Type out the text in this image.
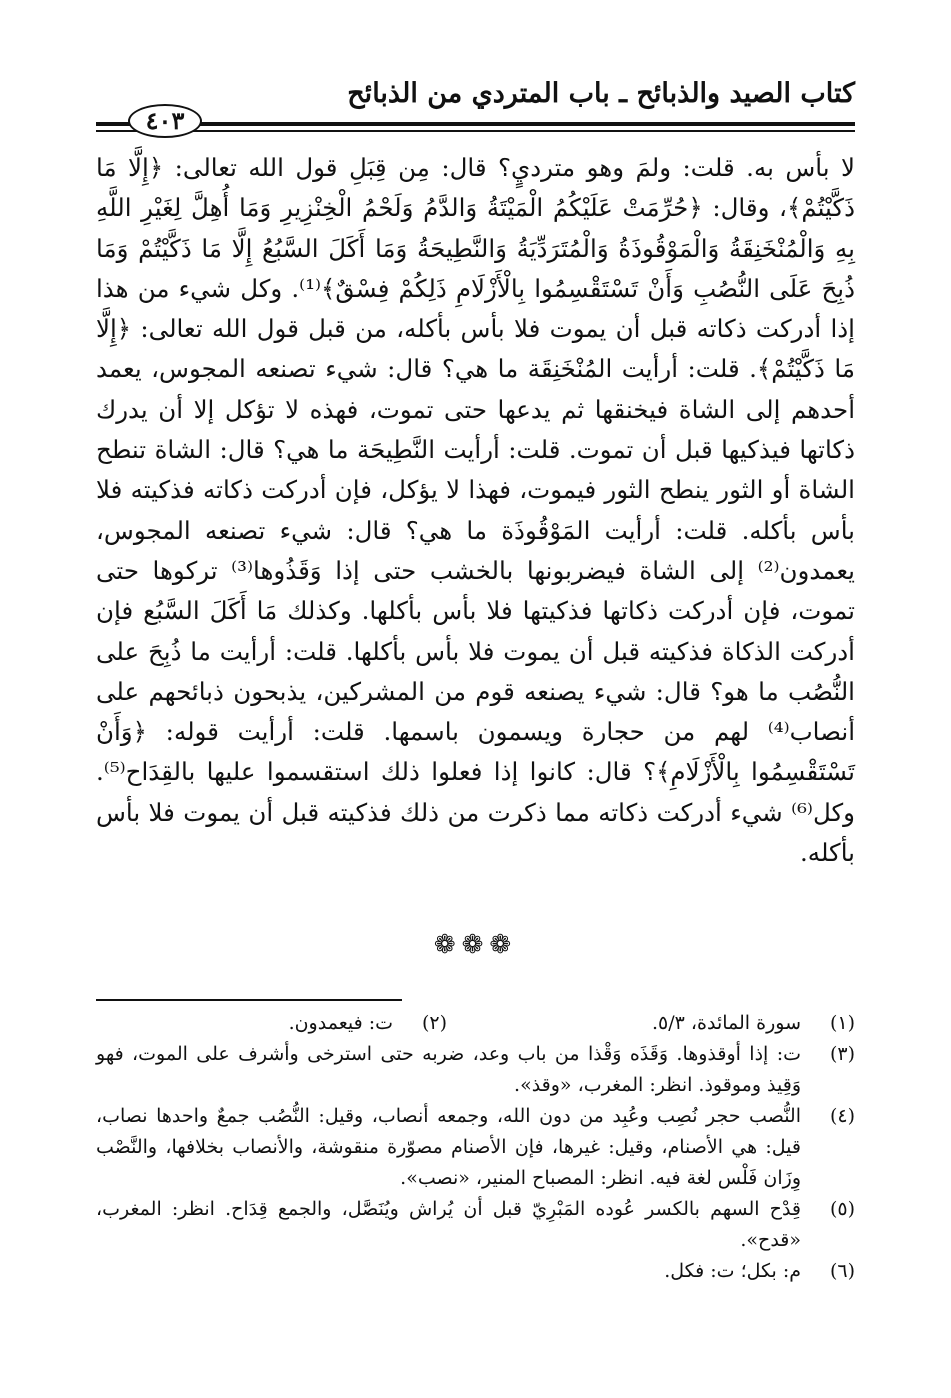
كتاب الصيد والذبائح ـ باب المتردي من الذبائح
٤٠٣

لا بأس به. قلت: ولمَ وهو مترديٍ؟ قال: مِن قِبَلِ قول الله تعالى: ﴿إِلَّا مَا ذَكَّيْتُمْ﴾، وقال: ﴿حُرِّمَتْ عَلَيْكُمُ الْمَيْتَةُ وَالدَّمُ وَلَحْمُ الْخِنْزِيرِ وَمَا أُهِلَّ لِغَيْرِ اللَّهِ بِهِ وَالْمُنْخَنِقَةُ وَالْمَوْقُوذَةُ وَالْمُتَرَدِّيَةُ وَالنَّطِيحَةُ وَمَا أَكَلَ السَّبُعُ إِلَّا مَا ذَكَّيْتُمْ وَمَا ذُبِحَ عَلَى النُّصُبِ وَأَنْ تَسْتَقْسِمُوا بِالْأَزْلَامِ ذَلِكُمْ فِسْقٌ﴾⁽¹⁾. وكل شيء من هذا إذا أدركت ذكاته قبل أن يموت فلا بأس بأكله، من قبل قول الله تعالى: ﴿إِلَّا مَا ذَكَّيْتُمْ﴾. قلت: أرأيت المُنْخَنِقَة ما هي؟ قال: شيء تصنعه المجوس، يعمد أحدهم إلى الشاة فيخنقها ثم يدعها حتى تموت، فهذه لا تؤكل إلا أن يدرك ذكاتها فيذكيها قبل أن تموت. قلت: أرأيت النَّطِيحَة ما هي؟ قال: الشاة تنطح الشاة أو الثور ينطح الثور فيموت، فهذا لا يؤكل، فإن أدركت ذكاته فذكيته فلا بأس بأكله. قلت: أرأيت المَوْقُوذَة ما هي؟ قال: شيء تصنعه المجوس، يعمدون⁽²⁾ إلى الشاة فيضربونها بالخشب حتى إذا وَقَذُوها⁽³⁾ تركوها حتى تموت، فإن أدركت ذكاتها فذكيتها فلا بأس بأكلها. وكذلك مَا أَكَلَ السَّبُع فإن أدركت الذكاة فذكيته قبل أن يموت فلا بأس بأكلها. قلت: أرأيت ما ذُبِحَ على النُّصُب ما هو؟ قال: شيء يصنعه قوم من المشركين، يذبحون ذبائحهم على أنصاب⁽⁴⁾ لهم من حجارة ويسمون باسمها. قلت: أرأيت قوله: ﴿وَأَنْ تَسْتَقْسِمُوا بِالْأَزْلَامِ﴾؟ قال: كانوا إذا فعلوا ذلك استقسموا عليها بالقِدَاح⁽⁵⁾. وكل⁽⁶⁾ شيء أدركت ذكاته مما ذكرت من ذلك فذكيته قبل أن يموت فلا بأس بأكله.

❁❁❁
(١)
سورة المائدة، ٥/٣.
(٢)
ت: فيعمدون.
(٣)
ت: إذا أوقذوها. وَقَذَه وَقْذا من باب وعد، ضربه حتى استرخى وأشرف على الموت، فهو وَقِيذ وموقوذ. انظر: المغرب، «وقذ».
(٤)
النُّصب حجر نُصِب وعُبِد من دون الله، وجمعه أنصاب، وقيل: النُّصُب جمعٌ واحدها نصاب، قيل: هي الأصنام، وقيل: غيرها، فإن الأصنام مصوّرة منقوشة، والأنصاب بخلافها، والنَّصْب وِزَان فَلْس لغة فيه. انظر: المصباح المنير، «نصب».
(٥)
قِدْح السهم بالكسر عُوده المَبْرِيّ قبل أن يُراش ويُنَصَّل، والجمع قِدَاح. انظر: المغرب، «قدح».
(٦)
م: بكل؛ ت: فكل.
